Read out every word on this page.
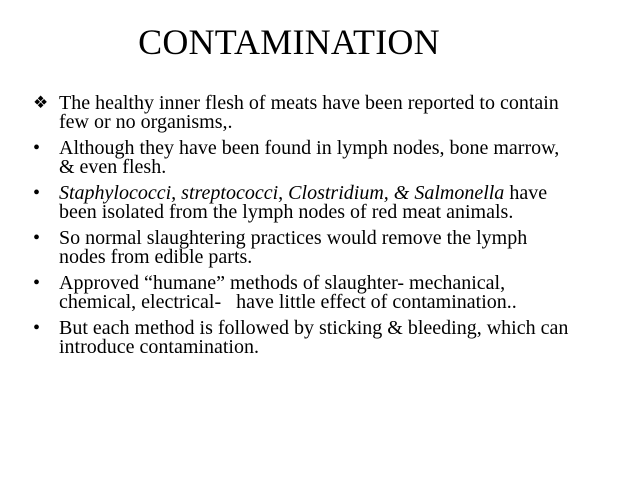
CONTAMINATION
❖ The healthy inner flesh of meats have been reported to contain few or no organisms,.
• Although they have been found in lymph nodes, bone marrow, & even flesh.
• Staphylococci, streptococci, Clostridium, & Salmonella have been isolated from the lymph nodes of red meat animals.
• So normal slaughtering practices would remove the lymph nodes from edible parts.
• Approved “humane” methods of slaughter- mechanical, chemical, electrical-   have little effect of contamination..
• But each method is followed by sticking & bleeding, which can introduce contamination.
